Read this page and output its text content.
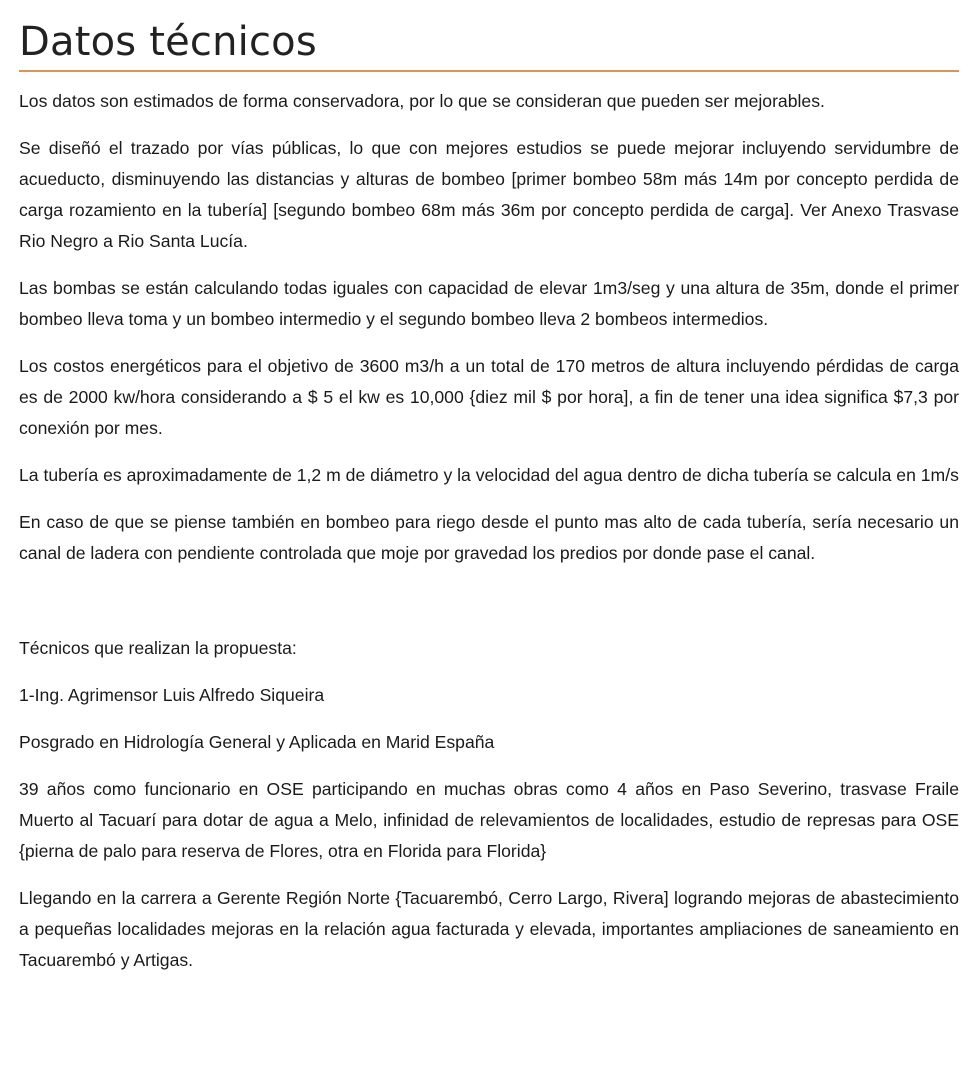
Datos técnicos

Los datos son estimados de forma conservadora, por lo que se consideran que pueden ser mejorables.

Se diseñó el trazado por vías públicas, lo que con mejores estudios se puede mejorar incluyendo servidumbre de acueducto, disminuyendo las distancias y alturas de bombeo [primer bombeo 58m más 14m por concepto perdida de carga rozamiento en la tubería] [segundo bombeo 68m más 36m por concepto perdida de carga]. Ver Anexo Trasvase Rio Negro a Rio Santa Lucía.

Las bombas se están calculando todas iguales con capacidad de elevar 1m3/seg y una altura de 35m, donde el primer bombeo lleva toma y un bombeo intermedio y el segundo bombeo lleva 2 bombeos intermedios.

Los costos energéticos para el objetivo de 3600 m3/h a un total de 170 metros de altura incluyendo pérdidas de carga es de 2000 kw/hora considerando a $ 5 el kw es 10,000 {diez mil $ por hora], a fin de tener una idea significa $7,3 por conexión por mes.

La tubería es aproximadamente de 1,2 m de diámetro y la velocidad del agua dentro de dicha tubería se calcula en 1m/s

En caso de que se piense también en bombeo para riego desde el punto mas alto de cada tubería, sería necesario un canal de ladera con pendiente controlada que moje por gravedad los predios por donde pase el canal.

Técnicos que realizan la propuesta:

1-Ing. Agrimensor Luis Alfredo Siqueira

Posgrado en Hidrología General y Aplicada en Marid España

39 años como funcionario en OSE participando en muchas obras como 4 años en Paso Severino, trasvase Fraile Muerto al Tacuarí para dotar de agua a Melo, infinidad de relevamientos de localidades, estudio de represas para OSE {pierna de palo para reserva de Flores, otra en Florida para Florida}

Llegando en la carrera a Gerente Región Norte {Tacuarembó, Cerro Largo, Rivera] logrando mejoras de abastecimiento a pequeñas localidades mejoras en la relación agua facturada y elevada, importantes ampliaciones de saneamiento en Tacuarembó y Artigas.
